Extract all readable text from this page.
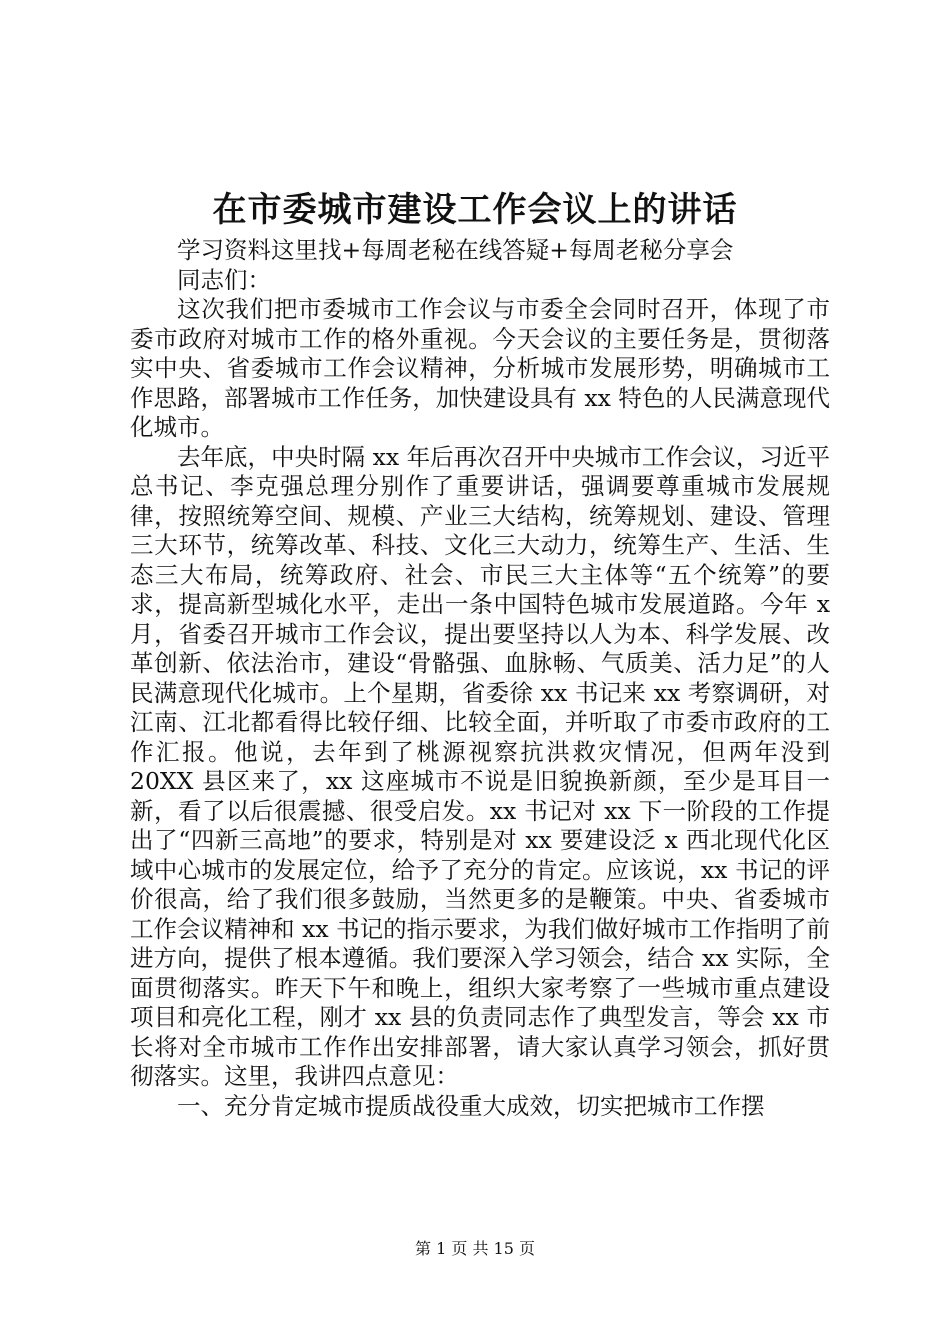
在市委城市建设工作会议上的讲话

学习资料这里找+每周老秘在线答疑+每周老秘分享会

同志们：

这次我们把市委城市工作会议与市委全会同时召开，体现了市委市政府对城市工作的格外重视。今天会议的主要任务是，贯彻落实中央、省委城市工作会议精神，分析城市发展形势，明确城市工作思路，部署城市工作任务，加快建设具有 xx 特色的人民满意现代化城市。

去年底，中央时隔 xx 年后再次召开中央城市工作会议，习近平总书记、李克强总理分别作了重要讲话，强调要尊重城市发展规律，按照统筹空间、规模、产业三大结构，统筹规划、建设、管理三大环节，统筹改革、科技、文化三大动力，统筹生产、生活、生态三大布局，统筹政府、社会、市民三大主体等“五个统筹”的要求，提高新型城化水平，走出一条中国特色城市发展道路。今年 x 月，省委召开城市工作会议，提出要坚持以人为本、科学发展、改革创新、依法治市，建设“骨骼强、血脉畅、气质美、活力足”的人民满意现代化城市。上个星期，省委徐 xx 书记来 xx 考察调研，对江南、江北都看得比较仔细、比较全面，并听取了市委市政府的工作汇报。他说，去年到了桃源视察抗洪救灾情况，但两年没到 20XX 县区来了，xx 这座城市不说是旧貌换新颜，至少是耳目一新，看了以后很震撼、很受启发。xx 书记对 xx 下一阶段的工作提出了“四新三高地”的要求，特别是对 xx 要建设泛 x 西北现代化区域中心城市的发展定位，给予了充分的肯定。应该说，xx 书记的评价很高，给了我们很多鼓励，当然更多的是鞭策。中央、省委城市工作会议精神和 xx 书记的指示要求，为我们做好城市工作指明了前进方向，提供了根本遵循。我们要深入学习领会，结合 xx 实际，全面贯彻落实。昨天下午和晚上，组织大家考察了一些城市重点建设项目和亮化工程，刚才 xx 县的负责同志作了典型发言，等会 xx 市长将对全市城市工作作出安排部署，请大家认真学习领会，抓好贯彻落实。这里，我讲四点意见：

一、充分肯定城市提质战役重大成效，切实把城市工作摆

第 1 页 共 15 页
